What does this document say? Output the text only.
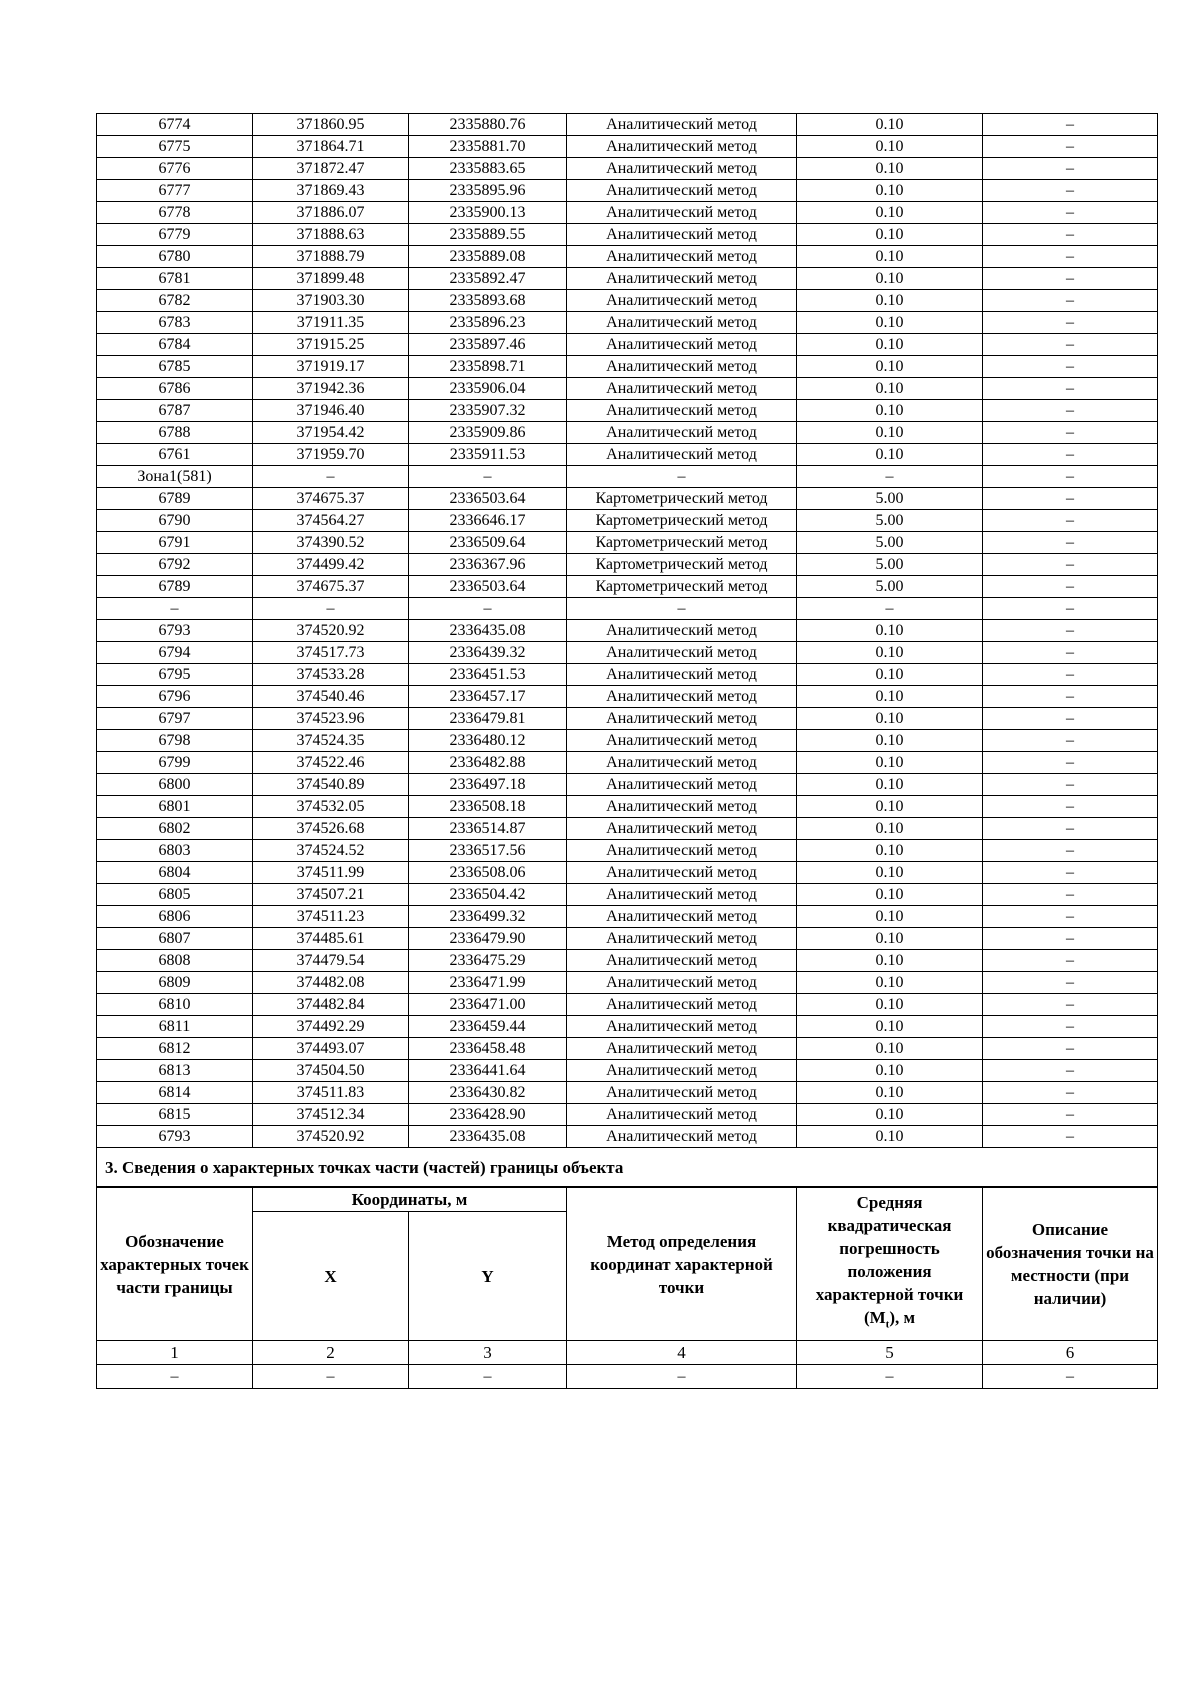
6774	371860.95	2335880.76	Аналитический метод	0.10	–
6775	371864.71	2335881.70	Аналитический метод	0.10	–
6776	371872.47	2335883.65	Аналитический метод	0.10	–
6777	371869.43	2335895.96	Аналитический метод	0.10	–
6778	371886.07	2335900.13	Аналитический метод	0.10	–
6779	371888.63	2335889.55	Аналитический метод	0.10	–
6780	371888.79	2335889.08	Аналитический метод	0.10	–
6781	371899.48	2335892.47	Аналитический метод	0.10	–
6782	371903.30	2335893.68	Аналитический метод	0.10	–
6783	371911.35	2335896.23	Аналитический метод	0.10	–
6784	371915.25	2335897.46	Аналитический метод	0.10	–
6785	371919.17	2335898.71	Аналитический метод	0.10	–
6786	371942.36	2335906.04	Аналитический метод	0.10	–
6787	371946.40	2335907.32	Аналитический метод	0.10	–
6788	371954.42	2335909.86	Аналитический метод	0.10	–
6761	371959.70	2335911.53	Аналитический метод	0.10	–
Зона1(581)	–	–	–	–	–
6789	374675.37	2336503.64	Картометрический метод	5.00	–
6790	374564.27	2336646.17	Картометрический метод	5.00	–
6791	374390.52	2336509.64	Картометрический метод	5.00	–
6792	374499.42	2336367.96	Картометрический метод	5.00	–
6789	374675.37	2336503.64	Картометрический метод	5.00	–
–	–	–	–	–	–
6793	374520.92	2336435.08	Аналитический метод	0.10	–
6794	374517.73	2336439.32	Аналитический метод	0.10	–
6795	374533.28	2336451.53	Аналитический метод	0.10	–
6796	374540.46	2336457.17	Аналитический метод	0.10	–
6797	374523.96	2336479.81	Аналитический метод	0.10	–
6798	374524.35	2336480.12	Аналитический метод	0.10	–
6799	374522.46	2336482.88	Аналитический метод	0.10	–
6800	374540.89	2336497.18	Аналитический метод	0.10	–
6801	374532.05	2336508.18	Аналитический метод	0.10	–
6802	374526.68	2336514.87	Аналитический метод	0.10	–
6803	374524.52	2336517.56	Аналитический метод	0.10	–
6804	374511.99	2336508.06	Аналитический метод	0.10	–
6805	374507.21	2336504.42	Аналитический метод	0.10	–
6806	374511.23	2336499.32	Аналитический метод	0.10	–
6807	374485.61	2336479.90	Аналитический метод	0.10	–
6808	374479.54	2336475.29	Аналитический метод	0.10	–
6809	374482.08	2336471.99	Аналитический метод	0.10	–
6810	374482.84	2336471.00	Аналитический метод	0.10	–
6811	374492.29	2336459.44	Аналитический метод	0.10	–
6812	374493.07	2336458.48	Аналитический метод	0.10	–
6813	374504.50	2336441.64	Аналитический метод	0.10	–
6814	374511.83	2336430.82	Аналитический метод	0.10	–
6815	374512.34	2336428.90	Аналитический метод	0.10	–
6793	374520.92	2336435.08	Аналитический метод	0.10	–
3. Сведения о характерных точках части (частей) границы объекта					
Обозначение характерных точек части границы	Координаты, м		Метод определения координат характерной точки	Средняя квадратическая погрешность положения характерной точки $(M_t)$, м	Описание обозначения точки на местности (при наличии)
	X	Y			
1	2	3	4	5	6
–	–	–	–	–	–
